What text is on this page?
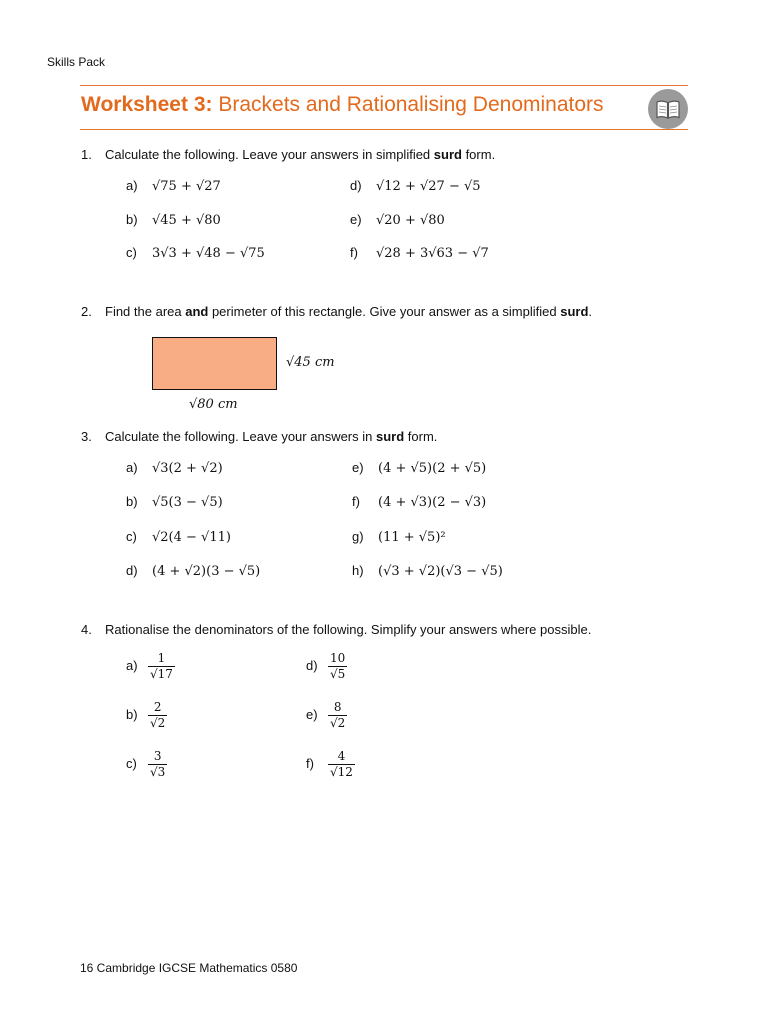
Skills Pack
Worksheet 3: Brackets and Rationalising Denominators
1. Calculate the following. Leave your answers in simplified surd form.
a) √75 + √27
b) √45 + √80
c) 3√3 + √48 − √75
d) √12 + √27 − √5
e) √20 + √80
f) √28 + 3√63 − √7
2. Find the area and perimeter of this rectangle. Give your answer as a simplified surd.
√45 cm
√80 cm
3. Calculate the following. Leave your answers in surd form.
a) √3(2 + √2)
b) √5(3 − √5)
c) √2(4 − √11)
d) (4 + √2)(3 − √5)
e) (4 + √5)(2 + √5)
f) (4 + √3)(2 − √3)
g) (11 + √5)²
h) (√3 + √2)(√3 − √5)
4. Rationalise the denominators of the following. Simplify your answers where possible.
$a) \frac{1}{√17}$
$b) \frac{2}{√2}$
$c) \frac{3}{√3}$
$d) \frac{10}{√5}$
$e) \frac{8}{√2}$
$f) \frac{4}{√12}$
16 Cambridge IGCSE Mathematics 0580
